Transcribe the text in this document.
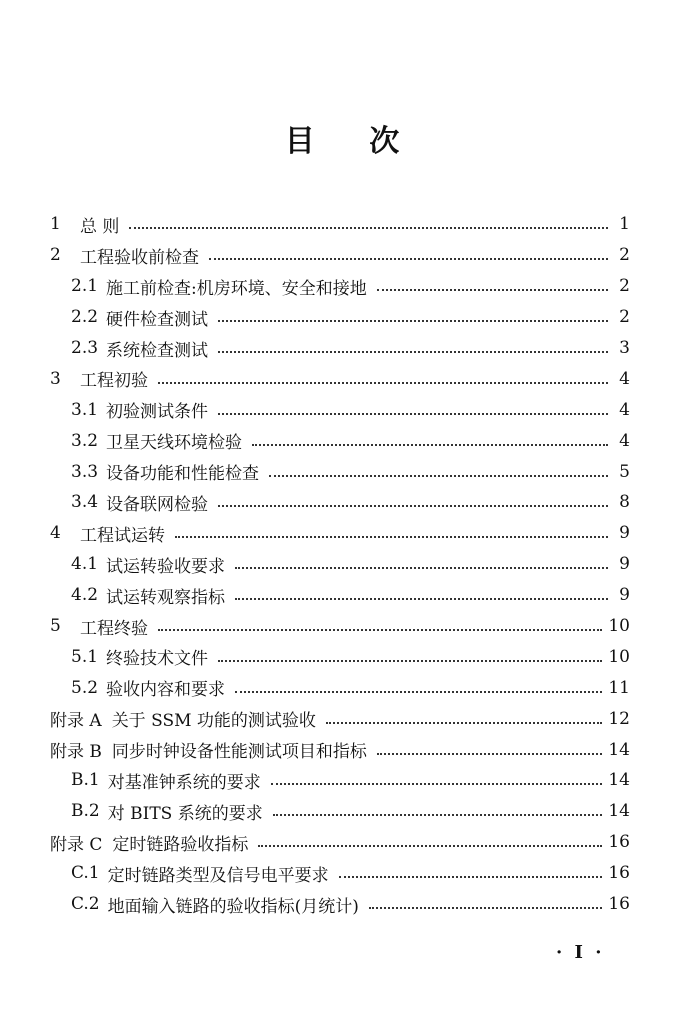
目 次
1	总 则	1
2	工程验收前检查	2
2.1 施工前检查:机房环境、安全和接地	2
2.2 硬件检查测试	2
2.3 系统检查测试	3
3	工程初验	4
3.1 初验测试条件	4
3.2 卫星天线环境检验	4
3.3 设备功能和性能检查	5
3.4 设备联网检验	8
4	工程试运转	9
4.1 试运转验收要求	9
4.2 试运转观察指标	9
5	工程终验	10
5.1 终验技术文件	10
5.2 验收内容和要求	11
附录 A 关于 SSM 功能的测试验收	12
附录 B 同步时钟设备性能测试项目和指标	14
B.1 对基准钟系统的要求	14
B.2 对 BITS 系统的要求	14
附录 C 定时链路验收指标	16
C.1 定时链路类型及信号电平要求	16
C.2 地面输入链路的验收指标(月统计)	16
· I ·
